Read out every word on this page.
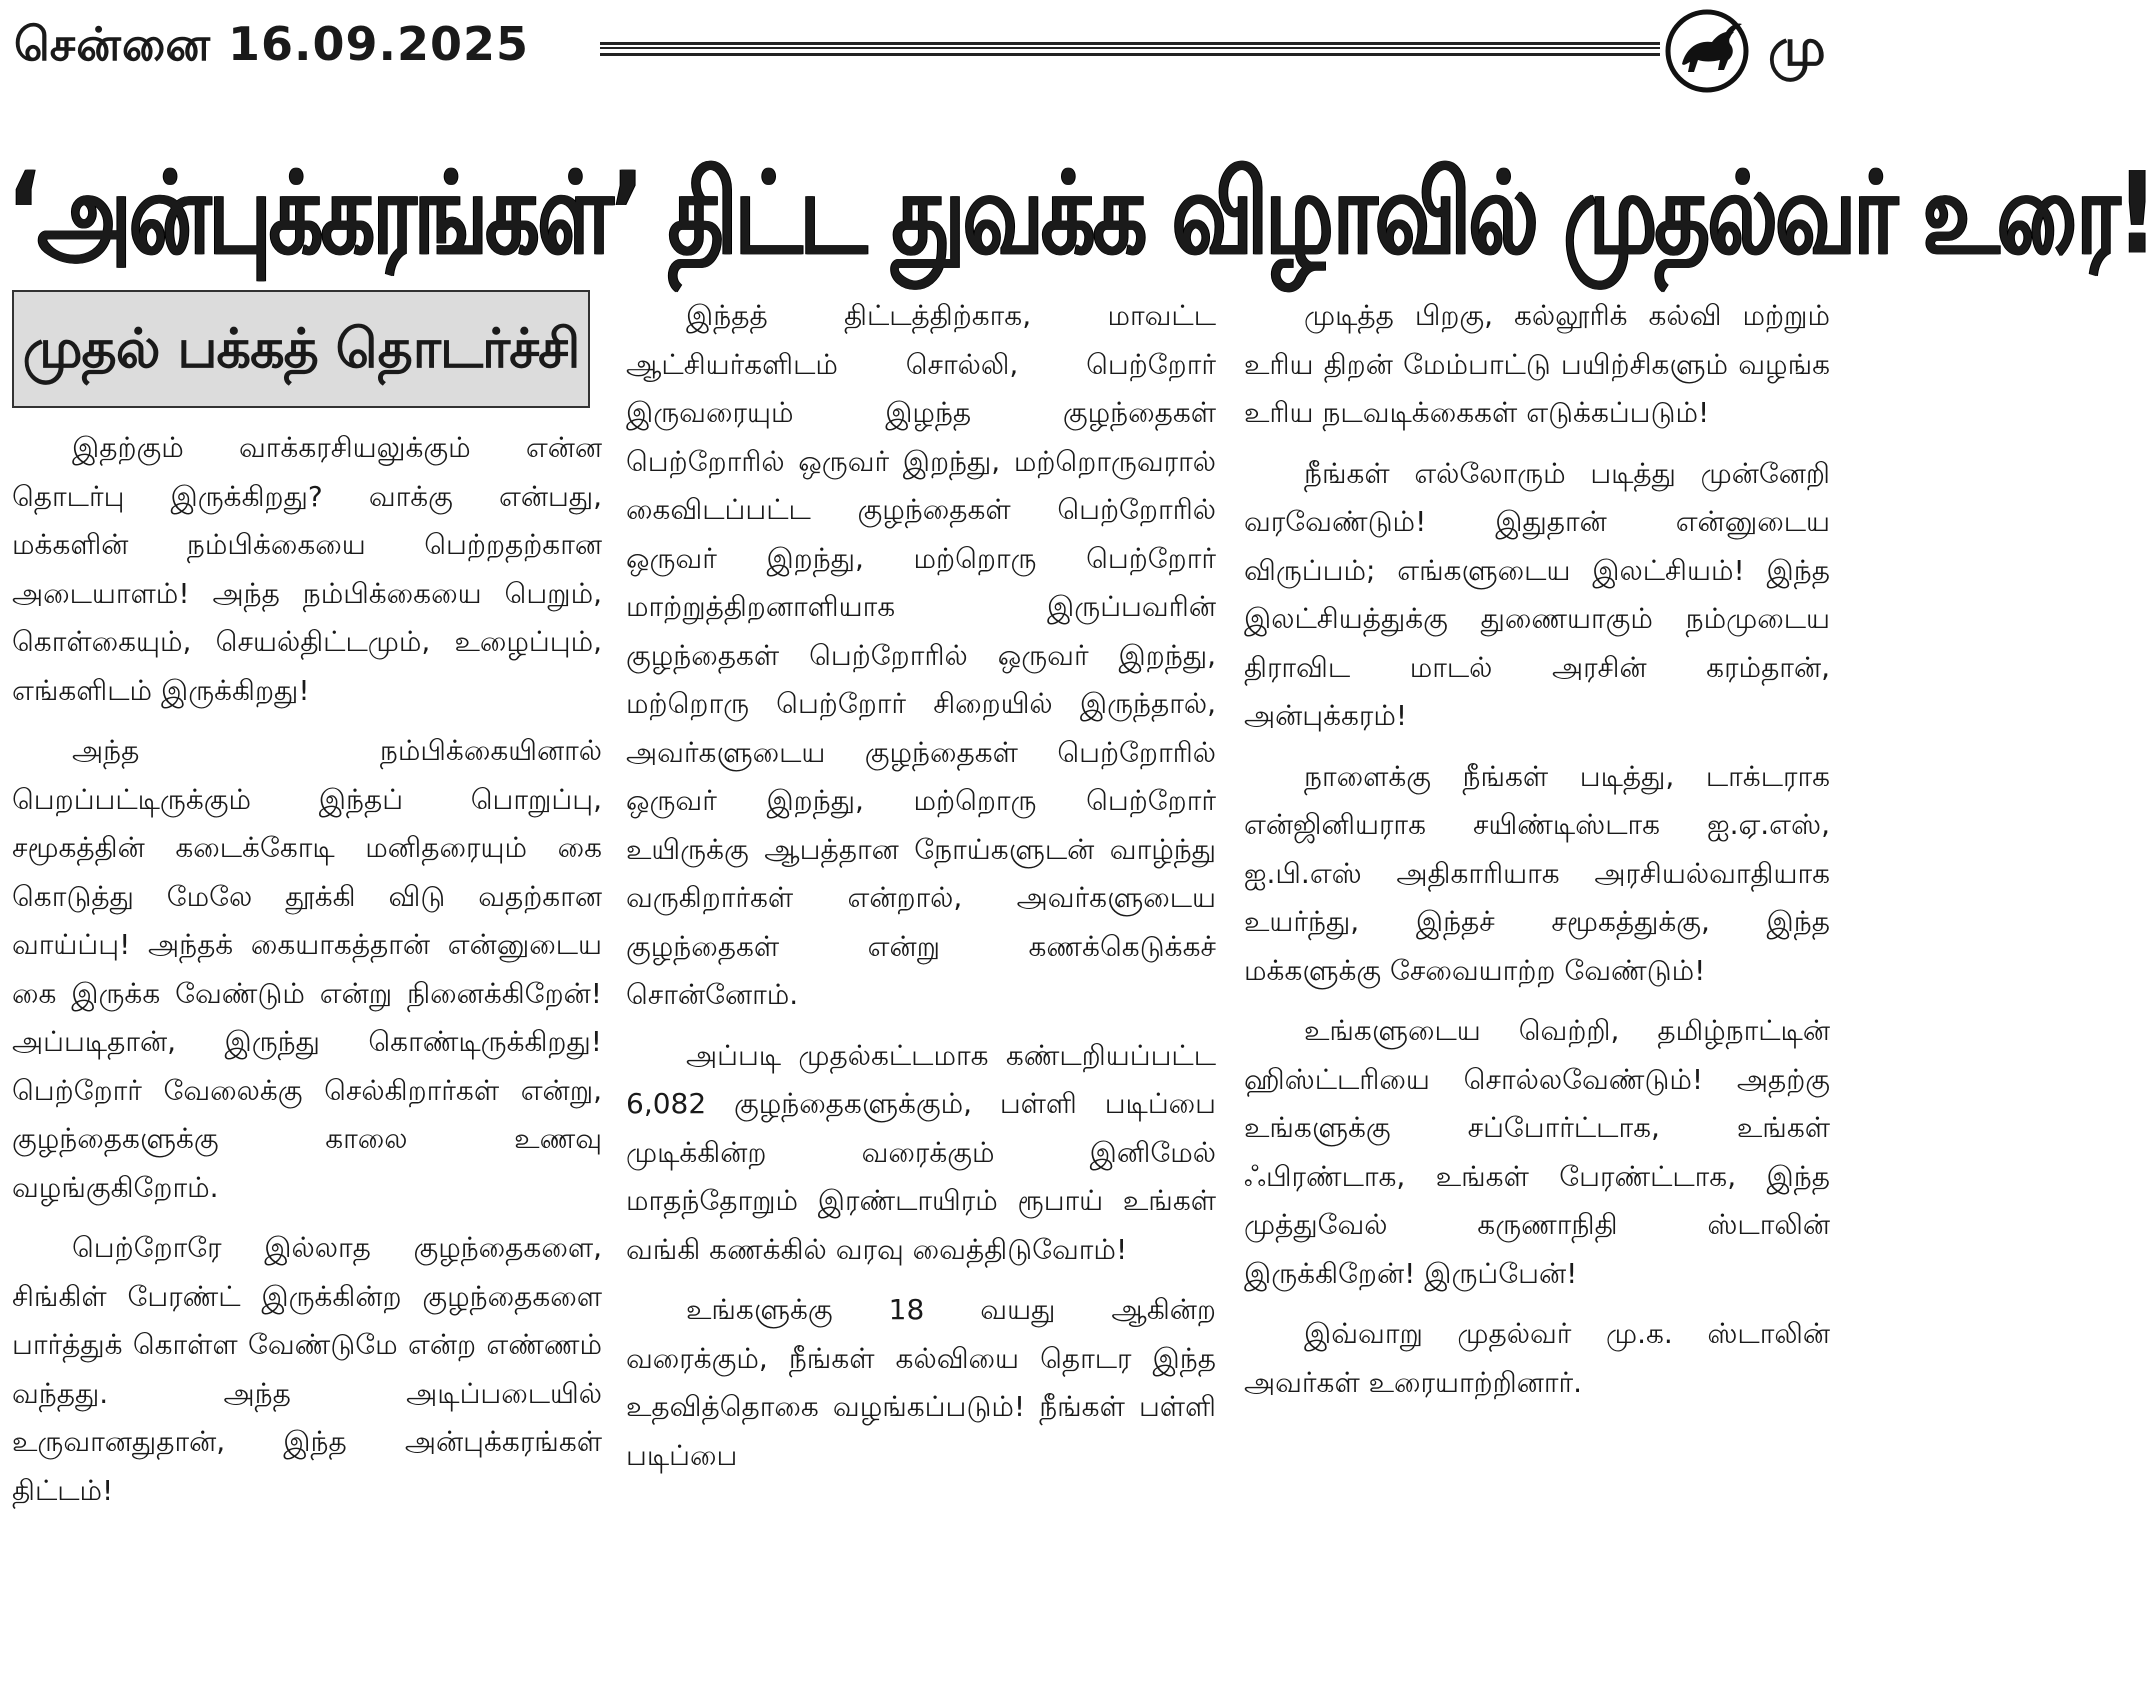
சென்னை 16.09.2025	மு
‘அன்புக்கரங்கள்’ திட்ட துவக்க விழாவில் முதல்வர் உரை!
முதல் பக்கத் தொடர்ச்சி

இதற்கும் வாக்கரசியலுக்கும் என்ன தொடர்பு இருக்கிறது? வாக்கு என்பது, மக்களின் நம்பிக்கையை பெற்றதற்கான அடையாளம்! அந்த நம்பிக்கையை பெறும், கொள்கையும், செயல்திட்டமும், உழைப்பும், எங்களிடம் இருக்கிறது!

அந்த நம்பிக்கையினால் பெறப்பட்டிருக்கும் இந்தப் பொறுப்பு, சமூகத்தின் கடைக்கோடி மனிதரையும் கை கொடுத்து மேலே தூக்கி விடு வதற்கான வாய்ப்பு! அந்தக் கையாகத்தான் என்னுடைய கை இருக்க வேண்டும் என்று நினைக்கிறேன்! அப்படிதான், இருந்து கொண்டிருக்கிறது! பெற்றோர் வேலைக்கு செல்கிறார்கள் என்று, குழந்தைகளுக்கு காலை உணவு வழங்குகிறோம்.

பெற்றோரே இல்லாத குழந்தைகளை, சிங்கிள் பேரண்ட் இருக்கின்ற குழந்தைகளை பார்த்துக் கொள்ள வேண்டுமே என்ற எண்ணம் வந்தது. அந்த அடிப்படையில் உருவானதுதான், இந்த அன்புக்கரங்கள் திட்டம்!

இந்தத் திட்டத்திற்காக, மாவட்ட ஆட்சியர்களிடம் சொல்லி, பெற்றோர் இருவரையும் இழந்த குழந்தைகள் பெற்றோரில் ஒருவர் இறந்து, மற்றொருவரால் கைவிடப்பட்ட குழந்தைகள் பெற்றோரில் ஒருவர் இறந்து, மற்றொரு பெற்றோர் மாற்றுத்திறனாளியாக இருப்பவரின் குழந்தைகள் பெற்றோரில் ஒருவர் இறந்து, மற்றொரு பெற்றோர் சிறையில் இருந்தால், அவர்களுடைய குழந்தைகள் பெற்றோரில் ஒருவர் இறந்து, மற்றொரு பெற்றோர் உயிருக்கு ஆபத்தான நோய்களுடன் வாழ்ந்து வருகிறார்கள் என்றால், அவர்களுடைய குழந்தைகள் என்று கணக்கெடுக்கச் சொன்னோம்.

அப்படி முதல்கட்டமாக கண்டறியப்பட்ட 6,082 குழந்தைகளுக்கும், பள்ளி படிப்பை முடிக்கின்ற வரைக்கும் இனிமேல் மாதந்தோறும் இரண்டாயிரம் ரூபாய் உங்கள் வங்கி கணக்கில் வரவு வைத்திடுவோம்!

உங்களுக்கு 18 வயது ஆகின்ற வரைக்கும், நீங்கள் கல்வியை தொடர இந்த உதவித்தொகை வழங்கப்படும்! நீங்கள் பள்ளி படிப்பை

முடித்த பிறகு, கல்லூரிக் கல்வி மற்றும் உரிய திறன் மேம்பாட்டு பயிற்சிகளும் வழங்க உரிய நடவடிக்கைகள் எடுக்கப்படும்!

நீங்கள் எல்லோரும் படித்து முன்னேறி வரவேண்டும்! இதுதான் என்னுடைய விருப்பம்; எங்களுடைய இலட்சியம்! இந்த இலட்சியத்துக்கு துணையாகும் நம்முடைய திராவிட மாடல் அரசின் கரம்தான், அன்புக்கரம்!

நாளைக்கு நீங்கள் படித்து, டாக்டராக என்ஜினியராக சயிண்டிஸ்டாக ஐ.ஏ.எஸ், ஐ.பி.எஸ் அதிகாரியாக அரசியல்வாதியாக உயர்ந்து, இந்தச் சமூகத்துக்கு, இந்த மக்களுக்கு சேவையாற்ற வேண்டும்!

உங்களுடைய வெற்றி, தமிழ்நாட்டின் ஹிஸ்ட்டரியை சொல்லவேண்டும்! அதற்கு உங்களுக்கு சப்போர்ட்டாக, உங்கள் ஃபிரண்டாக, உங்கள் பேரண்ட்டாக, இந்த முத்துவேல் கருணாநிதி ஸ்டாலின் இருக்கிறேன்! இருப்பேன்!

இவ்வாறு முதல்வர் மு.க. ஸ்டாலின் அவர்கள் உரையாற்றினார்.
